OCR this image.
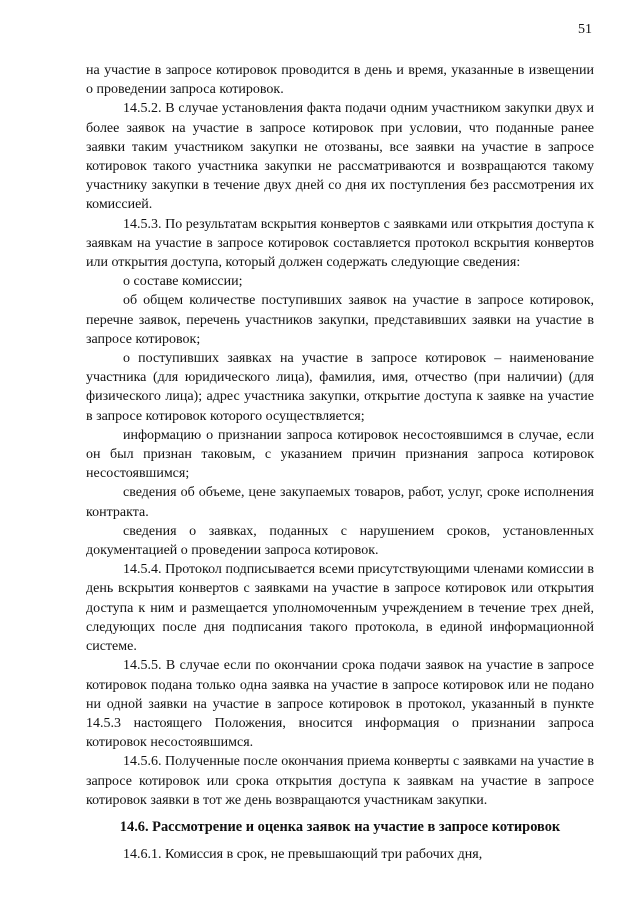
51

на участие в запросе котировок проводится в день и время, указанные в извещении о проведении запроса котировок.

14.5.2. В случае установления факта подачи одним участником закупки двух и более заявок на участие в запросе котировок при условии, что поданные ранее заявки таким участником закупки не отозваны, все заявки на участие в запросе котировок такого участника закупки не рассматриваются и возвращаются такому участнику закупки в течение двух дней со дня их поступления без рассмотрения их комиссией.

14.5.3. По результатам вскрытия конвертов с заявками или открытия доступа к заявкам на участие в запросе котировок составляется протокол вскрытия конвертов или открытия доступа, который должен содержать следующие сведения:

о составе комиссии;

об общем количестве поступивших заявок на участие в запросе котировок, перечне заявок, перечень участников закупки, представивших заявки на участие в запросе котировок;

о поступивших заявках на участие в запросе котировок – наименование участника (для юридического лица), фамилия, имя, отчество (при наличии) (для физического лица); адрес участника закупки, открытие доступа к заявке на участие в запросе котировок которого осуществляется;

информацию о признании запроса котировок несостоявшимся в случае, если он был признан таковым, с указанием причин признания запроса котировок несостоявшимся;

сведения об объеме, цене закупаемых товаров, работ, услуг, сроке исполнения контракта.

сведения о заявках, поданных с нарушением сроков, установленных документацией о проведении запроса котировок.

14.5.4. Протокол подписывается всеми присутствующими членами комиссии в день вскрытия конвертов с заявками на участие в запросе котировок или открытия доступа к ним и размещается уполномоченным учреждением в течение трех дней, следующих после дня подписания такого протокола, в единой информационной системе.

14.5.5. В случае если по окончании срока подачи заявок на участие в запросе котировок подана только одна заявка на участие в запросе котировок или не подано ни одной заявки на участие в запросе котировок в протокол, указанный в пункте 14.5.3 настоящего Положения, вносится информация о признании запроса котировок несостоявшимся.

14.5.6. Полученные после окончания приема конверты с заявками на участие в запросе котировок или срока открытия доступа к заявкам на участие в запросе котировок заявки в тот же день возвращаются участникам закупки.

14.6. Рассмотрение и оценка заявок на участие в запросе котировок

14.6.1. Комиссия в срок, не превышающий три рабочих дня,
